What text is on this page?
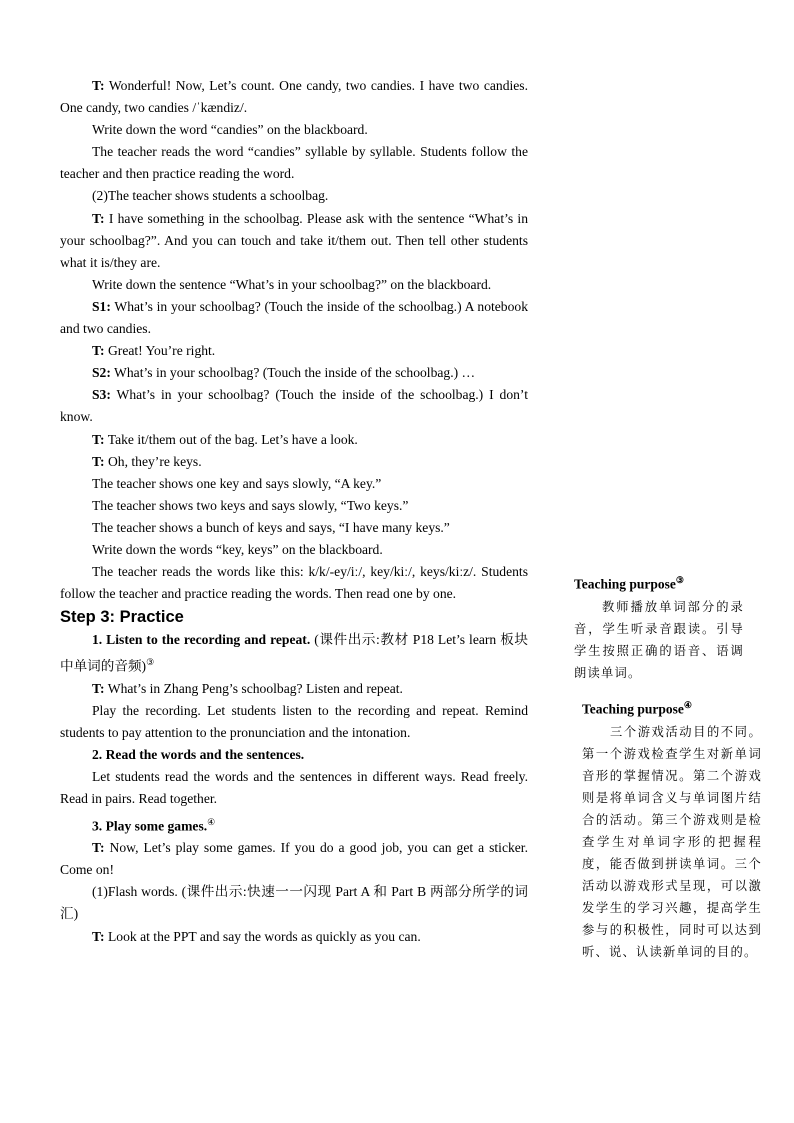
T: Wonderful! Now, Let’s count. One candy, two candies. I have two candies. One candy, two candies /ˈkændiz/.

Write down the word “candies” on the blackboard.

The teacher reads the word “candies” syllable by syllable. Students follow the teacher and then practice reading the word.

(2)The teacher shows students a schoolbag.

T: I have something in the schoolbag. Please ask with the sentence “What’s in your schoolbag?”. And you can touch and take it/them out. Then tell other students what it is/they are.

Write down the sentence “What’s in your schoolbag?” on the blackboard.

S1: What’s in your schoolbag? (Touch the inside of the schoolbag.) A notebook and two candies.

T: Great! You’re right.

S2: What’s in your schoolbag? (Touch the inside of the schoolbag.) …

S3: What’s in your schoolbag? (Touch the inside of the schoolbag.) I don’t know.

T: Take it/them out of the bag. Let’s have a look.

T: Oh, they’re keys.

The teacher shows one key and says slowly, “A key.”

The teacher shows two keys and says slowly, “Two keys.”

The teacher shows a bunch of keys and says, “I have many keys.”

Write down the words “key, keys” on the blackboard.

The teacher reads the words like this: k/k/-ey/iː/, key/kiː/, keys/kiːz/. Students follow the teacher and practice reading the words. Then read one by one.

Step 3: Practice

1. Listen to the recording and repeat. (课件出示:教材 P18 Let’s learn 板块中单词的音频)③

T: What’s in Zhang Peng’s schoolbag? Listen and repeat.

Play the recording. Let students listen to the recording and repeat. Remind students to pay attention to the pronunciation and the intonation.

2. Read the words and the sentences.

Let students read the words and the sentences in different ways. Read freely. Read in pairs. Read together.

3. Play some games.④

T: Now, Let’s play some games. If you do a good job, you can get a sticker. Come on!

(1)Flash words. (课件出示:快速一一闪现 Part A 和 Part B 两部分所学的词汇)

T: Look at the PPT and say the words as quickly as you can.

Teaching purpose③

教师播放单词部分的录音，学生听录音跟读。引导学生按照正确的语音、语调朗读单词。

Teaching purpose④

三个游戏活动目的不同。第一个游戏检查学生对新单词音形的掌握情况。第二个游戏则是将单词含义与单词图片结合的活动。第三个游戏则是检查学生对单词字形的把握程度，能否做到拼读单词。三个活动以游戏形式呈现，可以激发学生的学习兴趣，提高学生参与的积极性，同时可以达到听、说、认读新单词的目的。
